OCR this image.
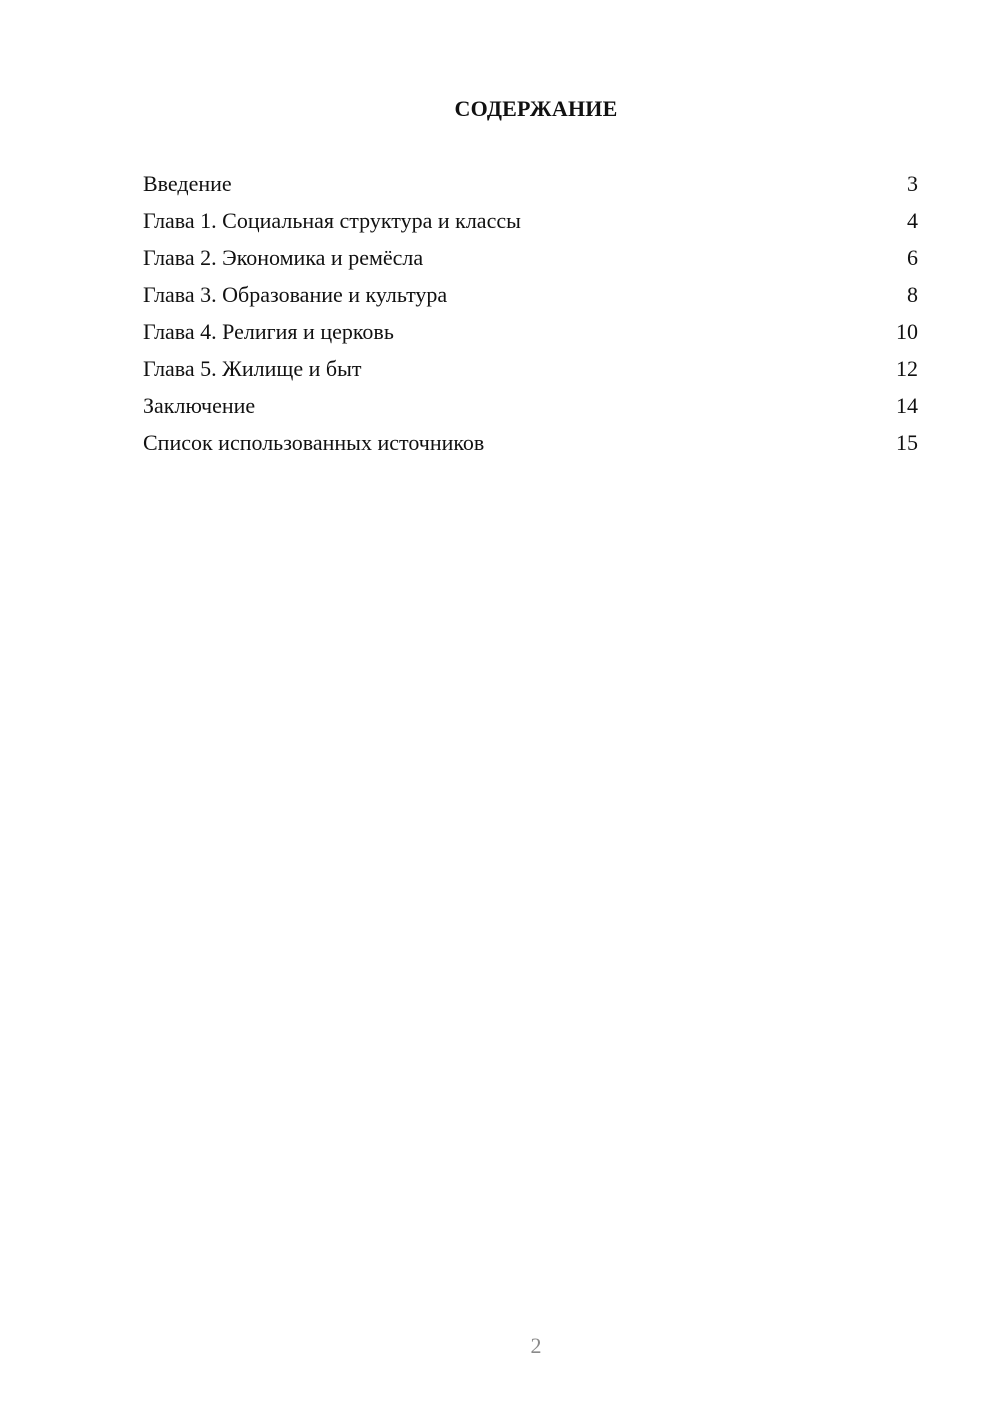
СОДЕРЖАНИЕ
Введение	3
Глава 1. Социальная структура и классы	4
Глава 2. Экономика и ремёсла	6
Глава 3. Образование и культура	8
Глава 4. Религия и церковь	10
Глава 5. Жилище и быт	12
Заключение	14
Список использованных источников	15
2
